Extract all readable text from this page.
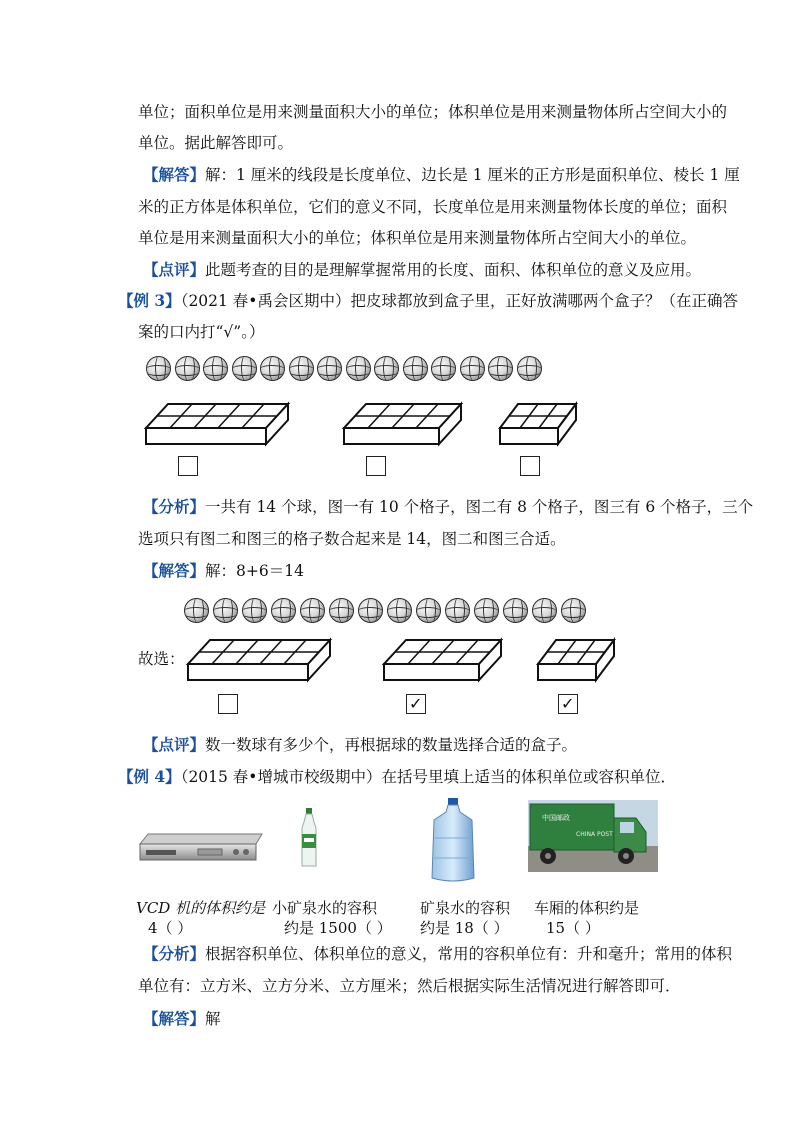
单位；面积单位是用来测量面积大小的单位；体积单位是用来测量物体所占空间大小的
单位。据此解答即可。
【解答】解：1 厘米的线段是长度单位、边长是 1 厘米的正方形是面积单位、棱长 1 厘
米的正方体是体积单位，它们的意义不同，长度单位是用来测量物体长度的单位；面积
单位是用来测量面积大小的单位；体积单位是用来测量物体所占空间大小的单位。
【点评】此题考查的目的是理解掌握常用的长度、面积、体积单位的意义及应用。
【例 3】（2021 春•禹会区期中）把皮球都放到盒子里，正好放满哪两个盒子？（在正确答
案的口内打“√”。）
【分析】一共有 14 个球，图一有 10 个格子，图二有 8 个格子，图三有 6 个格子，三个
选项只有图二和图三的格子数合起来是 14，图二和图三合适。
【解答】解：8+6＝14
故选：
✓	✓
【点评】数一数球有多少个，再根据球的数量选择合适的盒子。
【例 4】（2015 春•增城市校级期中）在括号里填上适当的体积单位或容积单位．
中国邮政
CHINA POST
VCD 机的体积约是
4（ ）
小矿泉水的容积
约是 1500（ ）
矿泉水的容积
约是 18（ ）
车厢的体积约是
15（ ）
【分析】根据容积单位、体积单位的意义，常用的容积单位有：升和毫升；常用的体积
单位有：立方米、立方分米、立方厘米；然后根据实际生活情况进行解答即可．
【解答】解
